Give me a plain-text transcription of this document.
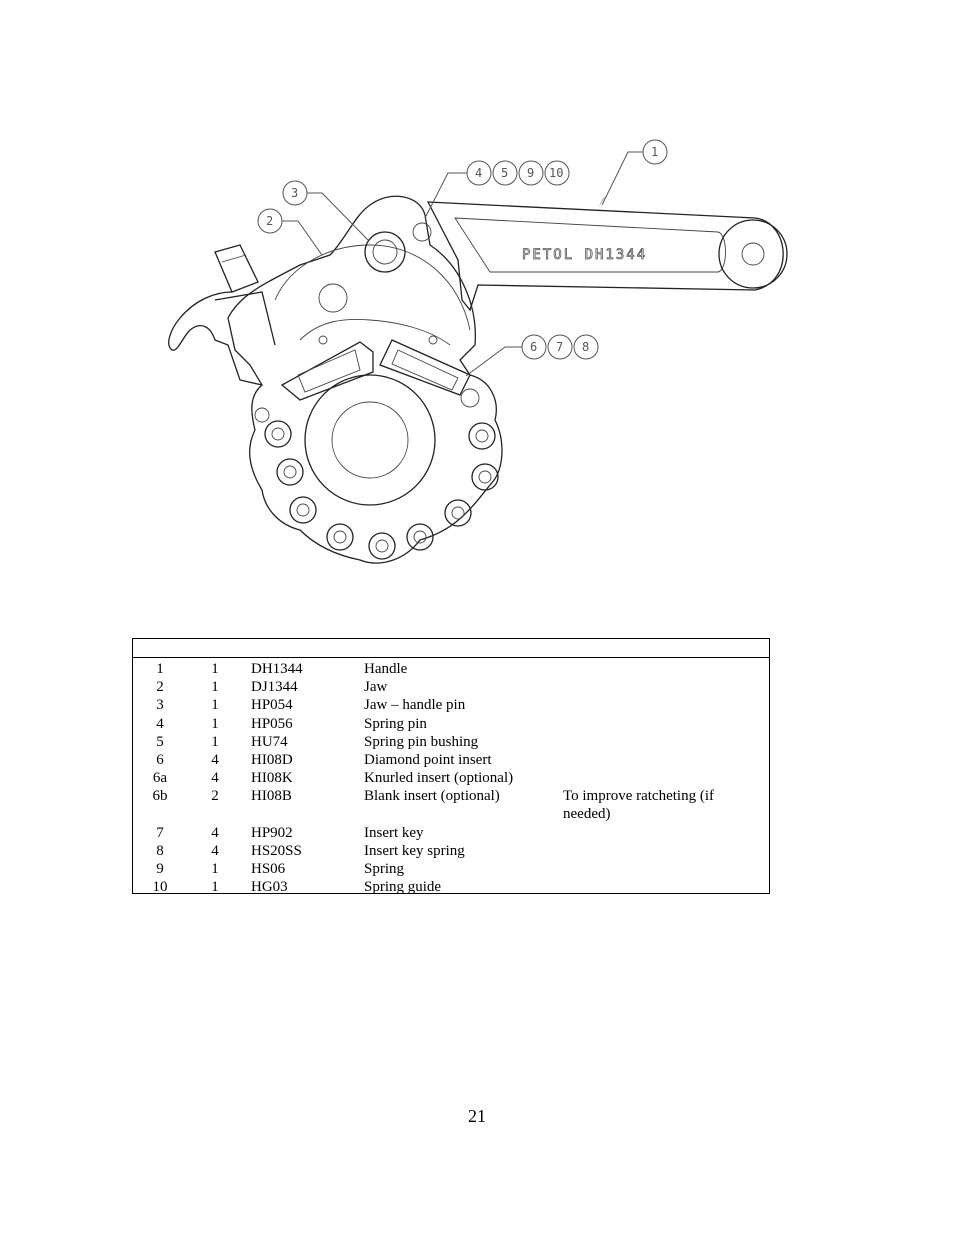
PETOL DH1344
1
2
3
4 5 9 10
6 7 8
1	1	DH1344	Handle
2	1	DJ1344	Jaw
3	1	HP054	Jaw – handle pin
4	1	HP056	Spring pin
5	1	HU74	Spring pin bushing
6	4	HI08D	Diamond point insert
6a	4	HI08K	Knurled insert (optional)
6b	2	HI08B	Blank insert (optional)	To improve ratcheting (if needed)
7	4	HP902	Insert key
8	4	HS20SS	Insert key spring
9	1	HS06	Spring
10	1	HG03	Spring guide
21
